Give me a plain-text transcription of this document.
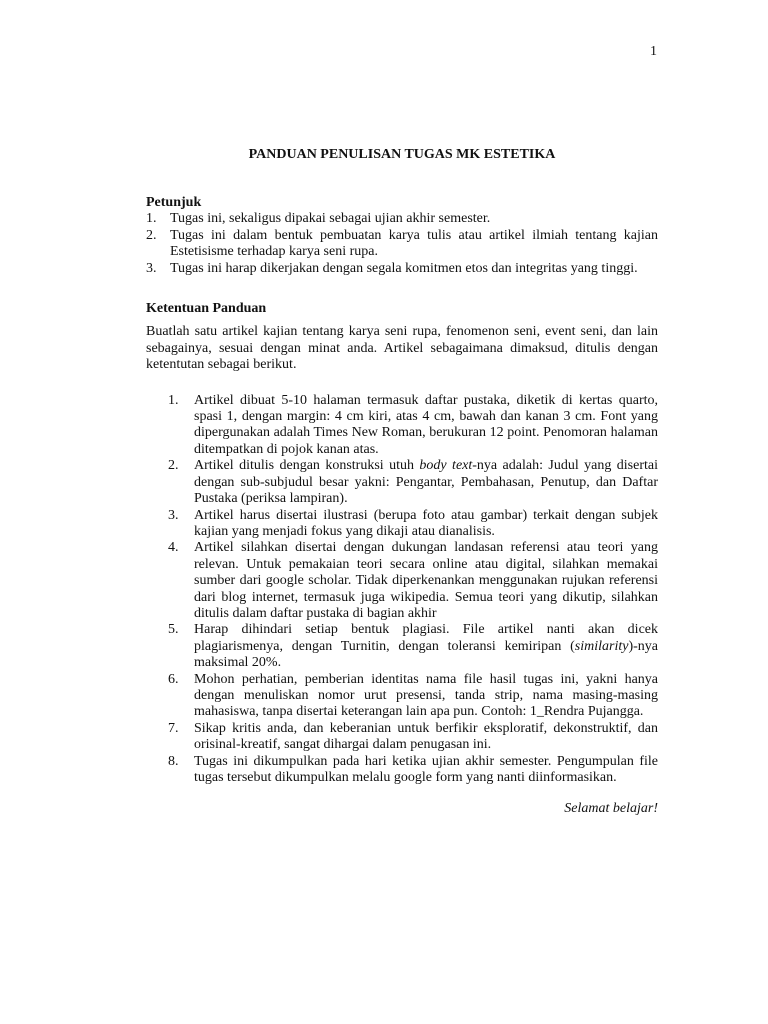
1
PANDUAN PENULISAN TUGAS MK ESTETIKA
Petunjuk
1. Tugas ini, sekaligus dipakai sebagai ujian akhir semester.
2. Tugas ini dalam bentuk pembuatan karya tulis atau artikel ilmiah tentang kajian Estetisisme terhadap karya seni rupa.
3. Tugas ini harap dikerjakan dengan segala komitmen etos dan integritas yang tinggi.
Ketentuan Panduan

Buatlah satu artikel kajian tentang karya seni rupa, fenomenon seni, event seni, dan lain sebagainya, sesuai dengan minat anda. Artikel sebagaimana dimaksud, ditulis dengan ketentutan sebagai berikut.

1. Artikel dibuat 5-10 halaman termasuk daftar pustaka, diketik di kertas quarto, spasi 1, dengan margin: 4 cm kiri, atas 4 cm, bawah dan kanan 3 cm. Font yang dipergunakan adalah Times New Roman, berukuran 12 point. Penomoran halaman ditempatkan di pojok kanan atas.
2. Artikel ditulis dengan konstruksi utuh body text-nya adalah: Judul yang disertai dengan sub-subjudul besar yakni: Pengantar, Pembahasan, Penutup, dan Daftar Pustaka (periksa lampiran).
3. Artikel harus disertai ilustrasi (berupa foto atau gambar) terkait dengan subjek kajian yang menjadi fokus yang dikaji atau dianalisis.
4. Artikel silahkan disertai dengan dukungan landasan referensi atau teori yang relevan. Untuk pemakaian teori secara online atau digital, silahkan memakai sumber dari google scholar. Tidak diperkenankan menggunakan rujukan referensi dari blog internet, termasuk juga wikipedia. Semua teori yang dikutip, silahkan ditulis dalam daftar pustaka di bagian akhir
5. Harap dihindari setiap bentuk plagiasi. File artikel nanti akan dicek plagiarismenya, dengan Turnitin, dengan toleransi kemiripan (similarity)-nya maksimal 20%.
6. Mohon perhatian, pemberian identitas nama file hasil tugas ini, yakni hanya dengan menuliskan nomor urut presensi, tanda strip, nama masing-masing mahasiswa, tanpa disertai keterangan lain apa pun. Contoh: 1_Rendra Pujangga.
7. Sikap kritis anda, dan keberanian untuk berfikir eksploratif, dekonstruktif, dan orisinal-kreatif, sangat dihargai dalam penugasan ini.
8. Tugas ini dikumpulkan pada hari ketika ujian akhir semester. Pengumpulan file tugas tersebut dikumpulkan melalu google form yang nanti diinformasikan.
Selamat belajar!
